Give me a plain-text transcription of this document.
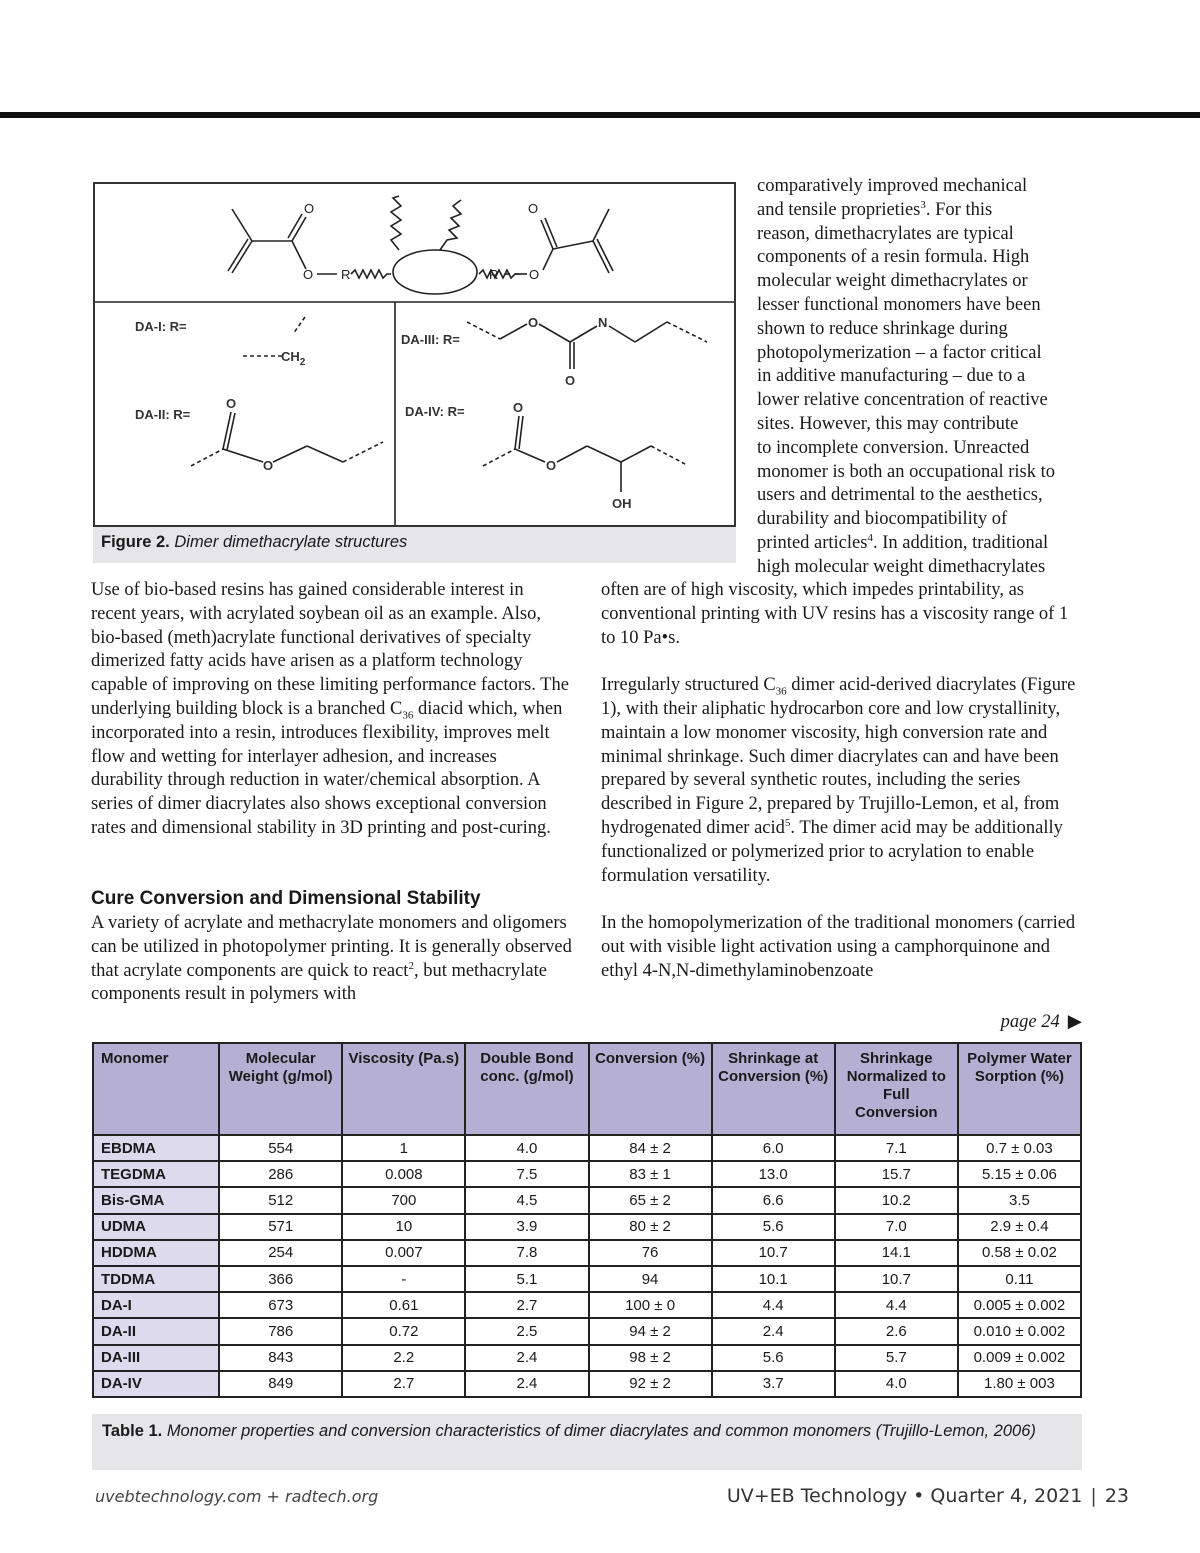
O
O R	R O
O
DA-I: R=
$CH_2$
DA-II: R=
O
O
DA-III: R=
O	N
O
DA-IV: R=	O
O
OH
Figure 2. Dimer dimethacrylate structures
comparatively improved mechanical
and tensile proprieties$^3$. For this
reason, dimethacrylates are typical
components of a resin formula. High
molecular weight dimethacrylates or
lesser functional monomers have been
shown to reduce shrinkage during
photopolymerization – a factor critical
in additive manufacturing – due to a
lower relative concentration of reactive
sites. However, this may contribute
to incomplete conversion. Unreacted
monomer is both an occupational risk to
users and detrimental to the aesthetics,
durability and biocompatibility of
printed articles$^4$. In addition, traditional
high molecular weight dimethacrylates

Use of bio-based resins has gained considerable interest in recent years, with acrylated soybean oil as an example. Also, bio-based (meth)acrylate functional derivatives of specialty dimerized fatty acids have arisen as a platform technology capable of improving on these limiting performance factors. The underlying building block is a branched $C_{36}$ diacid which, when incorporated into a resin, introduces flexibility, improves melt flow and wetting for interlayer adhesion, and increases durability through reduction in water/chemical absorption. A series of dimer diacrylates also shows exceptional conversion rates and dimensional stability in 3D printing and post-curing.

Cure Conversion and Dimensional Stability

A variety of acrylate and methacrylate monomers and oligomers can be utilized in photopolymer printing. It is generally observed that acrylate components are quick to react$^2$, but methacrylate components result in polymers with

often are of high viscosity, which impedes printability, as conventional printing with UV resins has a viscosity range of 1 to 10 Pa•s.

Irregularly structured $C_{36}$ dimer acid-derived diacrylates (Figure 1), with their aliphatic hydrocarbon core and low crystallinity, maintain a low monomer viscosity, high conversion rate and minimal shrinkage. Such dimer diacrylates can and have been prepared by several synthetic routes, including the series described in Figure 2, prepared by Trujillo-Lemon, et al, from hydrogenated dimer acid$^5$. The dimer acid may be additionally functionalized or polymerized prior to acrylation to enable formulation versatility.

In the homopolymerization of the traditional monomers (carried out with visible light activation using a camphorquinone and ethyl 4-N,N-dimethylaminobenzoate

page 24 ▶
Monomer	Molecular Weight (g/mol)	Viscosity (Pa.s)	Double Bond conc. (g/mol)	Conversion (%)	Shrinkage at Conversion (%)	Shrinkage Normalized to Full Conversion	Polymer Water Sorption (%)
EBDMA	554	1	4.0	84 ± 2	6.0	7.1	0.7 ± 0.03
TEGDMA	286	0.008	7.5	83 ± 1	13.0	15.7	5.15 ± 0.06
Bis-GMA	512	700	4.5	65 ± 2	6.6	10.2	3.5
UDMA	571	10	3.9	80 ± 2	5.6	7.0	2.9 ± 0.4
HDDMA	254	0.007	7.8	76	10.7	14.1	0.58 ± 0.02
TDDMA	366	-	5.1	94	10.1	10.7	0.11
DA-I	673	0.61	2.7	100 ± 0	4.4	4.4	0.005 ± 0.002
DA-II	786	0.72	2.5	94 ± 2	2.4	2.6	0.010 ± 0.002
DA-III	843	2.2	2.4	98 ± 2	5.6	5.7	0.009 ± 0.002
DA-IV	849	2.7	2.4	92 ± 2	3.7	4.0	1.80 ± 003
Table 1. Monomer properties and conversion characteristics of dimer diacrylates and common monomers (Trujillo-Lemon, 2006)
uvebtechnology.com + radtech.org	UV+EB Technology • Quarter 4, 2021 | 23
